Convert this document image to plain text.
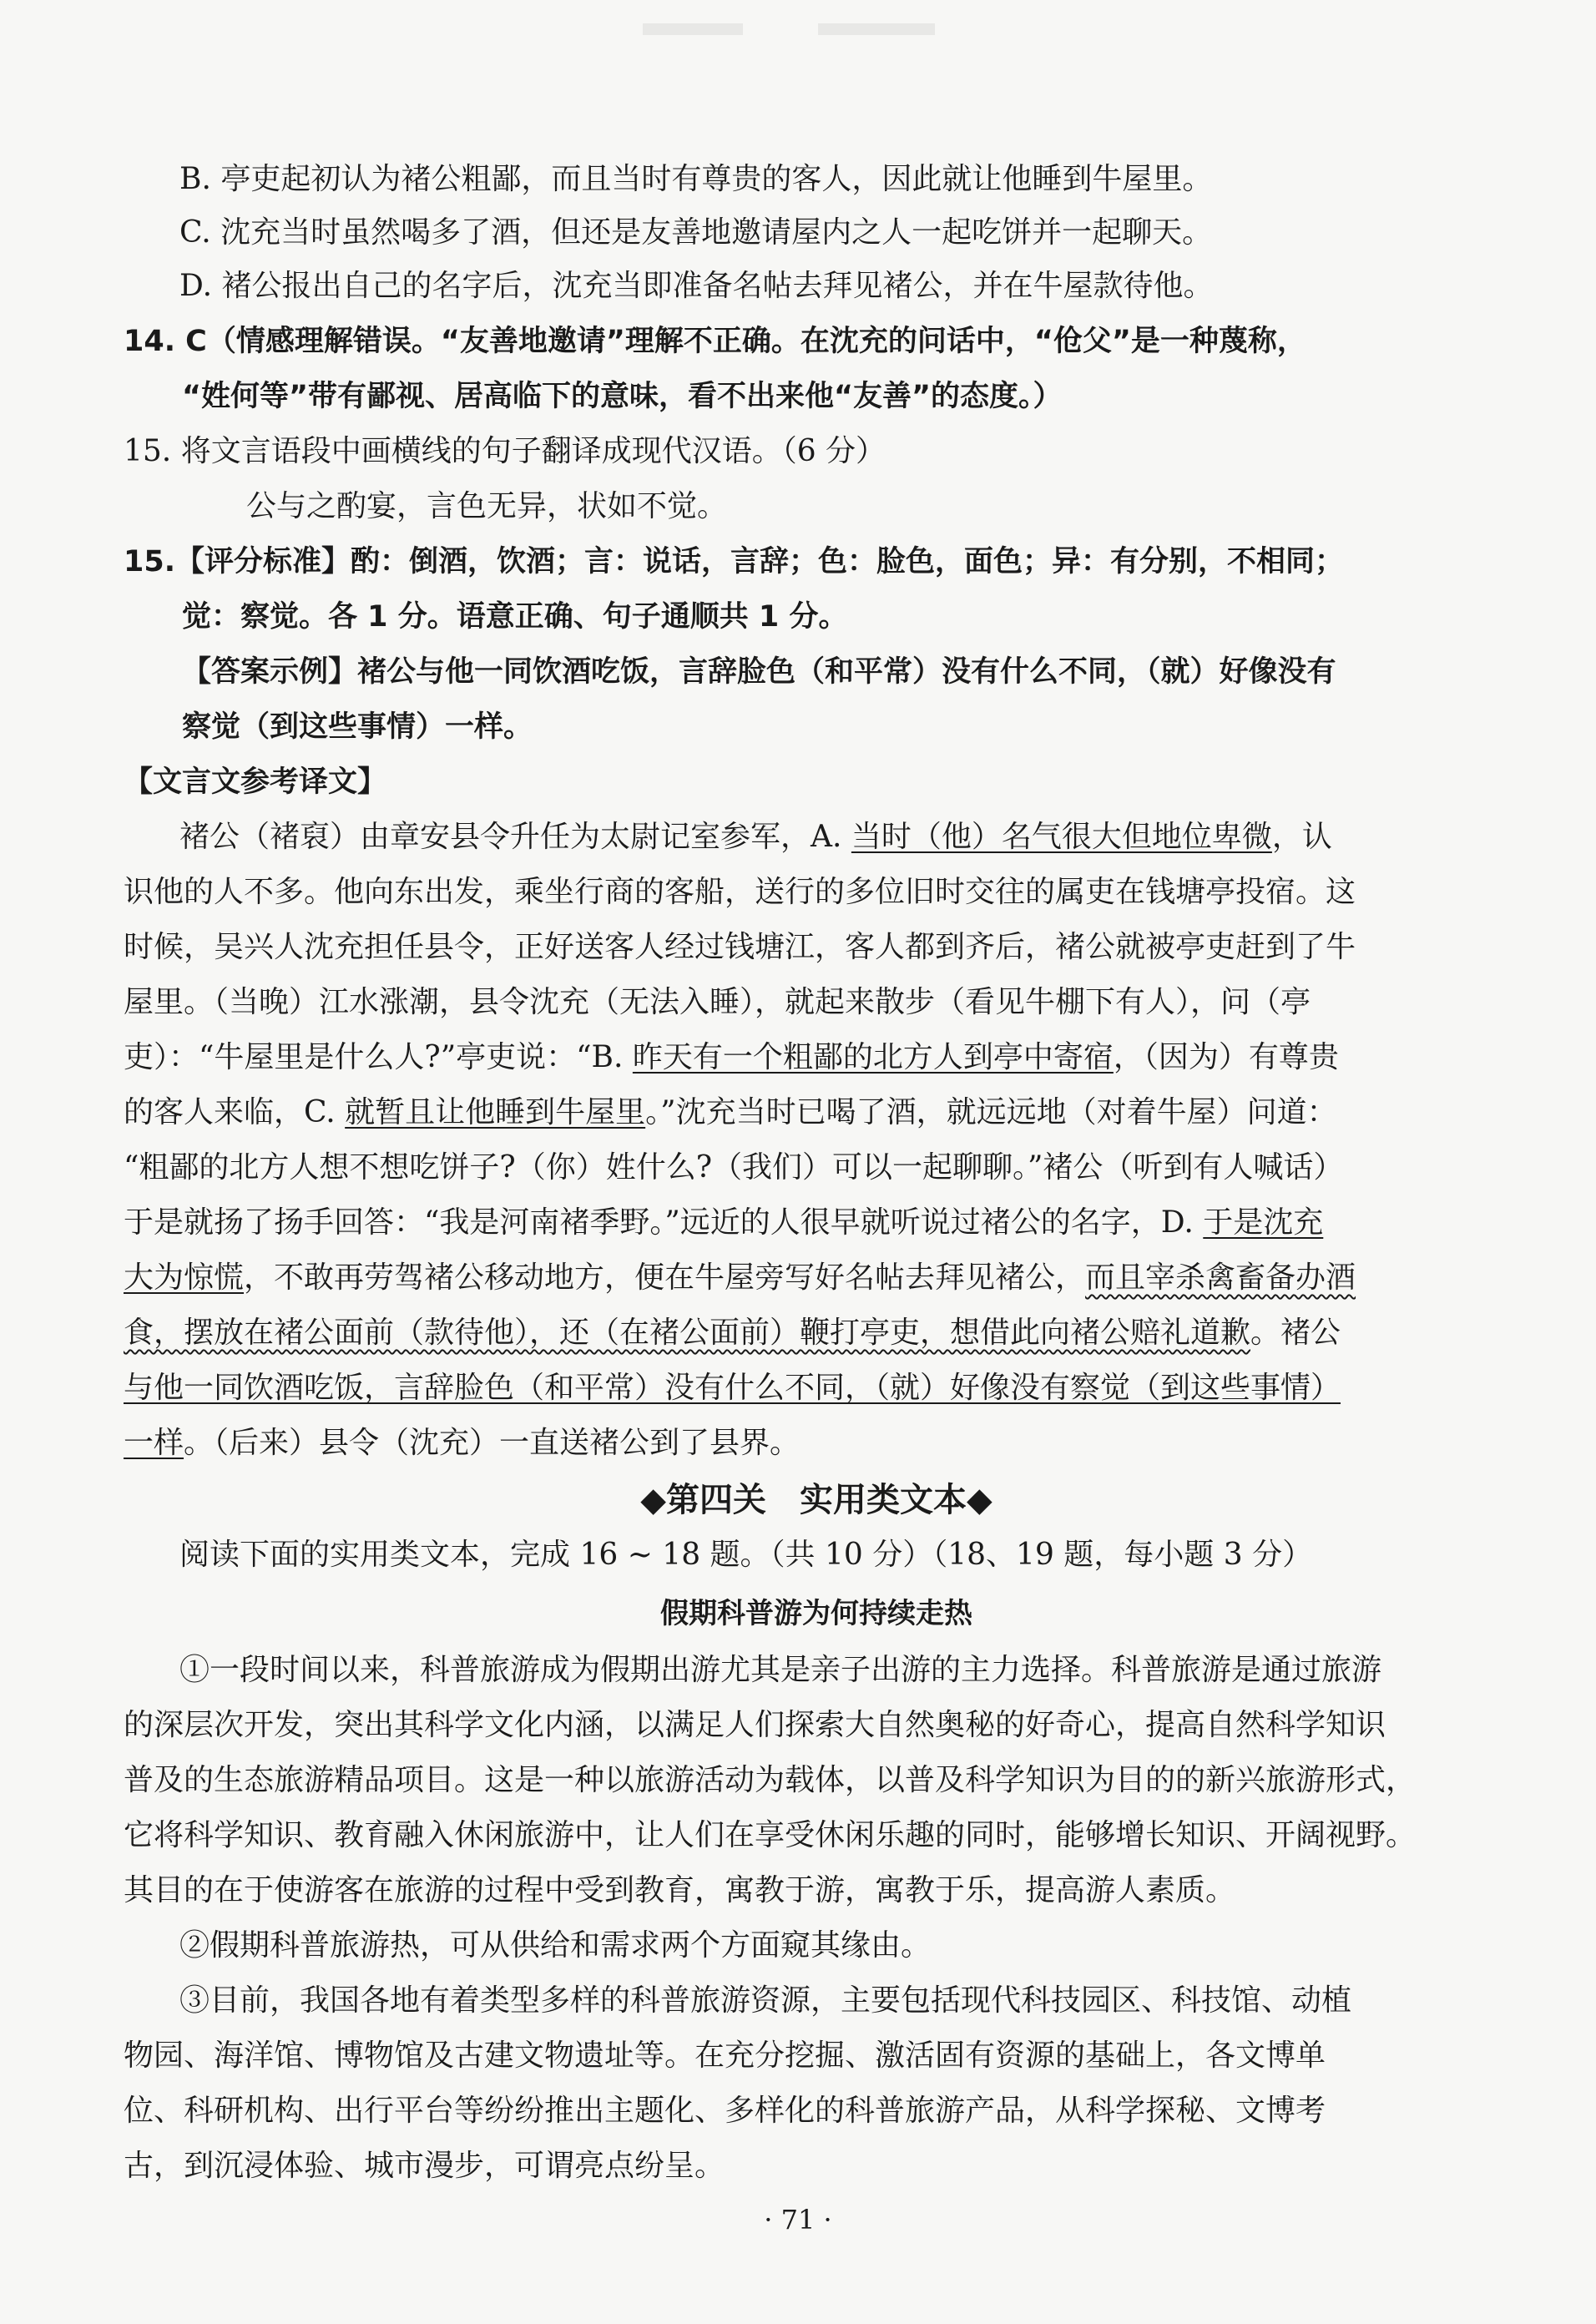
B. 亭吏起初认为褚公粗鄙，而且当时有尊贵的客人，因此就让他睡到牛屋里。
C. 沈充当时虽然喝多了酒，但还是友善地邀请屋内之人一起吃饼并一起聊天。
D. 褚公报出自己的名字后，沈充当即准备名帖去拜见褚公，并在牛屋款待他。
14. C（情感理解错误。“友善地邀请”理解不正确。在沈充的问话中，“伧父”是一种蔑称，
“姓何等”带有鄙视、居高临下的意味，看不出来他“友善”的态度。）
15. 将文言语段中画横线的句子翻译成现代汉语。（6 分）
公与之酌宴，言色无异，状如不觉。
15.【评分标准】酌：倒酒，饮酒；言：说话，言辞；色：脸色，面色；异：有分别，不相同；
觉：察觉。各 1 分。语意正确、句子通顺共 1 分。
【答案示例】褚公与他一同饮酒吃饭，言辞脸色（和平常）没有什么不同，（就）好像没有
察觉（到这些事情）一样。
【文言文参考译文】
褚公（褚裒）由章安县令升任为太尉记室参军，A. 当时（他）名气很大但地位卑微，认
识他的人不多。他向东出发，乘坐行商的客船，送行的多位旧时交往的属吏在钱塘亭投宿。这
时候，吴兴人沈充担任县令，正好送客人经过钱塘江，客人都到齐后，褚公就被亭吏赶到了牛
屋里。（当晚）江水涨潮，县令沈充（无法入睡），就起来散步（看见牛棚下有人），问（亭
吏）：“牛屋里是什么人?”亭吏说：“B. 昨天有一个粗鄙的北方人到亭中寄宿，（因为）有尊贵
的客人来临，C. 就暂且让他睡到牛屋里。”沈充当时已喝了酒，就远远地（对着牛屋）问道：
“粗鄙的北方人想不想吃饼子?（你）姓什么?（我们）可以一起聊聊。”褚公（听到有人喊话）
于是就扬了扬手回答：“我是河南褚季野。”远近的人很早就听说过褚公的名字，D. 于是沈充
大为惊慌，不敢再劳驾褚公移动地方，便在牛屋旁写好名帖去拜见褚公，而且宰杀禽畜备办酒
食，摆放在褚公面前（款待他），还（在褚公面前）鞭打亭吏，想借此向褚公赔礼道歉。褚公
与他一同饮酒吃饭，言辞脸色（和平常）没有什么不同，（就）好像没有察觉（到这些事情）
一样。（后来）县令（沈充）一直送褚公到了县界。
◆第四关　实用类文本◆
阅读下面的实用类文本，完成 16 ~ 18 题。（共 10 分）（18、19 题，每小题 3 分）
假期科普游为何持续走热
①一段时间以来，科普旅游成为假期出游尤其是亲子出游的主力选择。科普旅游是通过旅游
的深层次开发，突出其科学文化内涵，以满足人们探索大自然奥秘的好奇心，提高自然科学知识
普及的生态旅游精品项目。这是一种以旅游活动为载体，以普及科学知识为目的的新兴旅游形式，
它将科学知识、教育融入休闲旅游中，让人们在享受休闲乐趣的同时，能够增长知识、开阔视野。
其目的在于使游客在旅游的过程中受到教育，寓教于游，寓教于乐，提高游人素质。
②假期科普旅游热，可从供给和需求两个方面窥其缘由。
③目前，我国各地有着类型多样的科普旅游资源，主要包括现代科技园区、科技馆、动植
物园、海洋馆、博物馆及古建文物遗址等。在充分挖掘、激活固有资源的基础上，各文博单
位、科研机构、出行平台等纷纷推出主题化、多样化的科普旅游产品，从科学探秘、文博考
古，到沉浸体验、城市漫步，可谓亮点纷呈。
· 71 ·
